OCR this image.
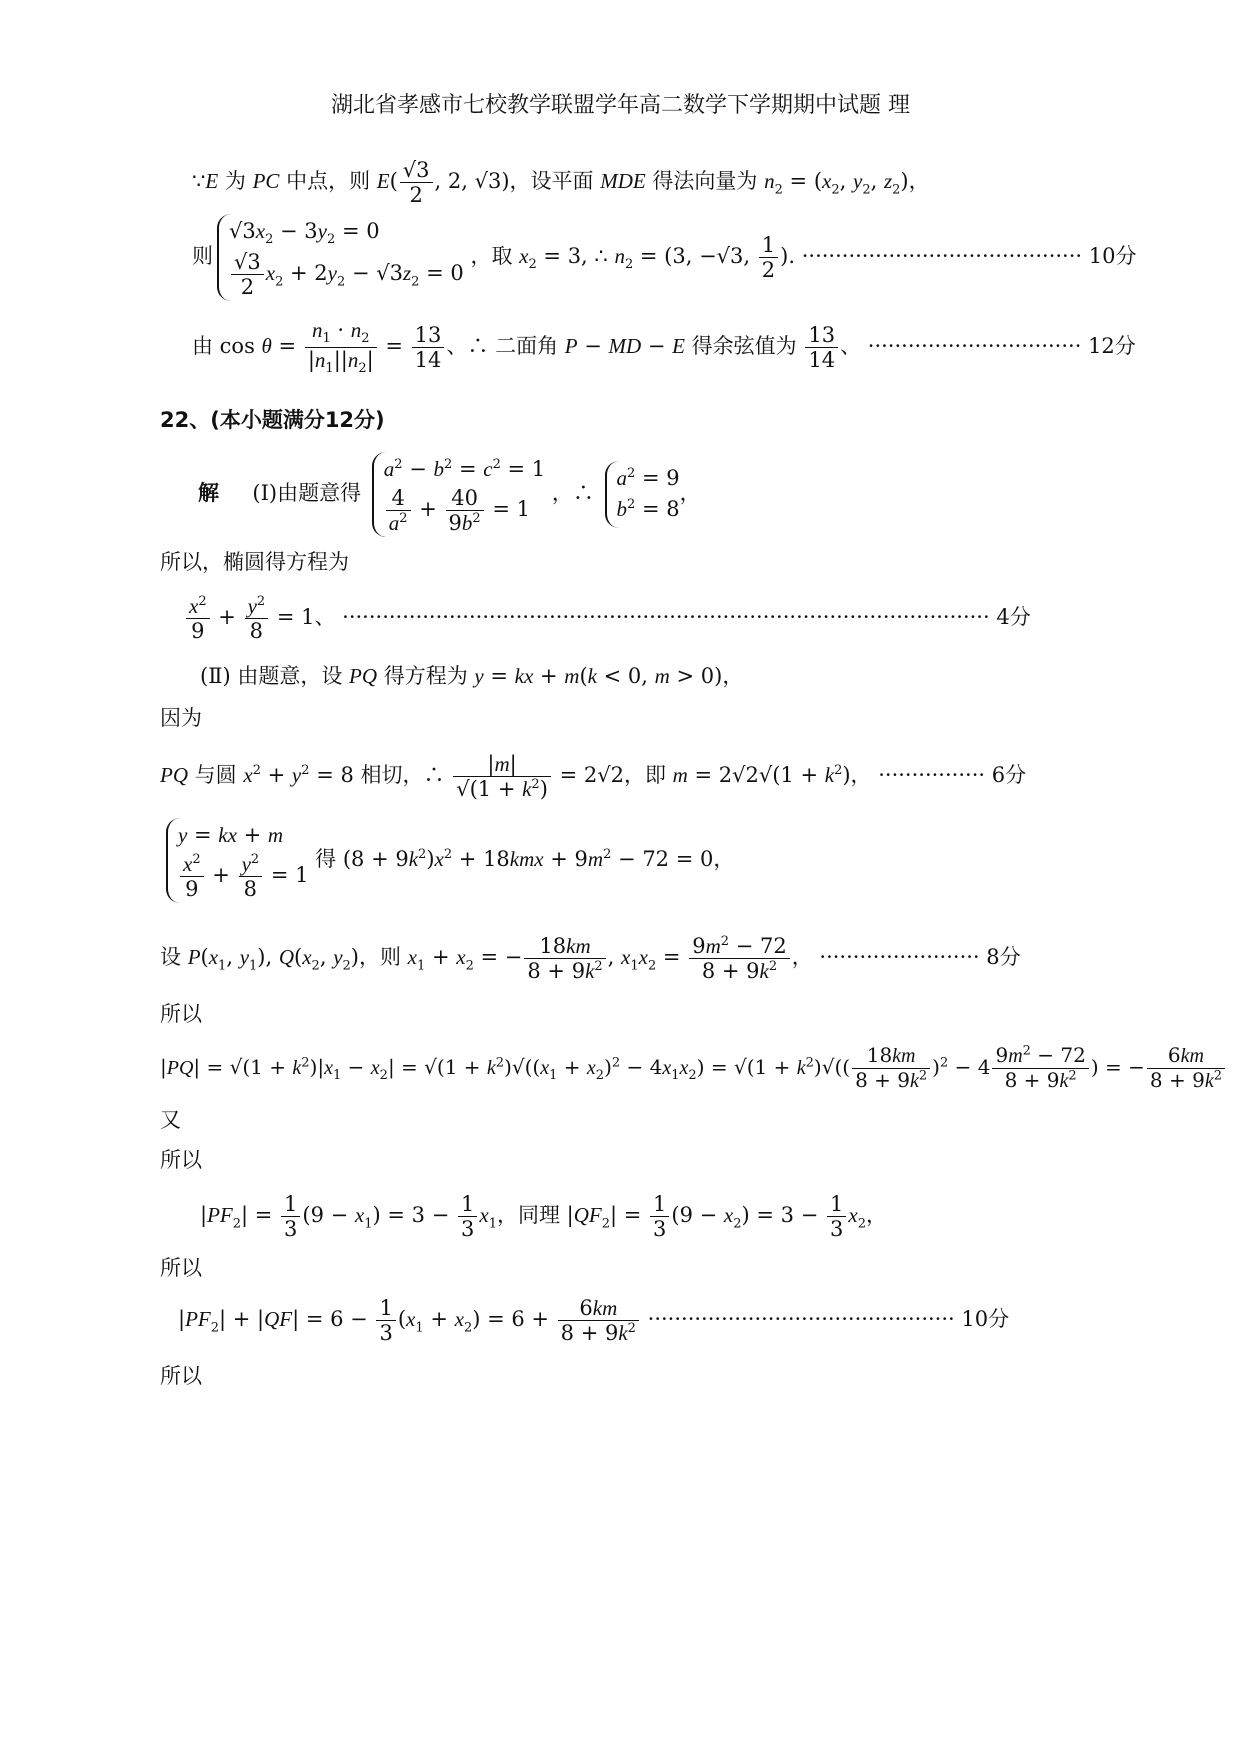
湖北省孝感市七校教学联盟学年高二数学下学期期中试题 理
∵E 为 PC 中点，则 $E( \frac{√3}{2}$ , 2, √3)，设平面 MDE 得法向量为 $n_2 = (x_2$, $y_2$, $z_2$)，
则
$√3x_2 - 3y_2 = 0$
$\frac{√3}{2} x_2 + 2y_2 - √3z_2 = 0$
，取 $x_2 = 3$, ∴ $n_2 = (3$, −√3, $\frac{1}{2}$ ). ·········································· 10分
由 $\cos \theta = \frac{n_1 \cdot n_2}{|n_1||n_2|} = \frac{13}{14}$ 、∴ 二面角 P − MD − E 得余弦值为 $\frac{13}{14}$ 、 ································ 12分
22、(本小题满分12分)
解 (Ⅰ)由题意得
$a^2 - b^2 = c^2 = 1$
$\frac{4}{a^2} + \frac{40}{9b^2} = 1$
，∴
$a^2 = 9$
$b^2 = 8$
，
所以，椭圆得方程为
$\frac{x^2}{9} + \frac{y^2}{8} = 1$、 ································································································· 4分
(Ⅱ) 由题意，设 PQ 得方程为 y = kx + m(k < 0, m > 0)，
因为
PQ 与圆 $x^2 + y^2 = 8$ 相切，∴ $\frac{|m|}{√(1 + k^2)} = 2√2$，即 $m = 2√2√(1 + k^2)$， ················ 6分
y = kx + m
$\frac{x^2}{9} + \frac{y^2}{8} = 1$
得 $(8 + 9k^2)x^2 + 18kmx + 9m^2 - 72 = 0$，
设 $P(x_1$, $y_1$), $Q(x_2$, $y_2$)，则 $x_1 + x_2$ = − $\frac{18km}{8 + 9k^2}$ , $x_1x_2 = \frac{9m^2 - 72}{8 + 9k^2}$ ， ························ 8分
所以
$|PQ| = √(1 + k^2)|x_1 - x_2| = √(1 + k^2)√((x_1 + x_2)^2 - 4x_1x_2) = √(1 + k^2)√(( \frac{18km}{8 + 9k^2} )^2 - 4 \frac{9m^2 - 72}{8 + 9k^2}$ ) = − $\frac{6km}{8 + 9k^2}$
又
所以
$|PF_2| = \frac{1}{3} (9 - x_1) = 3 - \frac{1}{3} x_1$，同理 $|QF_2| = \frac{1}{3} (9 - x_2) = 3 - \frac{1}{3} x_2$，
所以
$|PF_2| + |QF| = 6 - \frac{1}{3} (x_1 + x_2) = 6 + \frac{6km}{8 + 9k^2}$ ·············································· 10分
所以
